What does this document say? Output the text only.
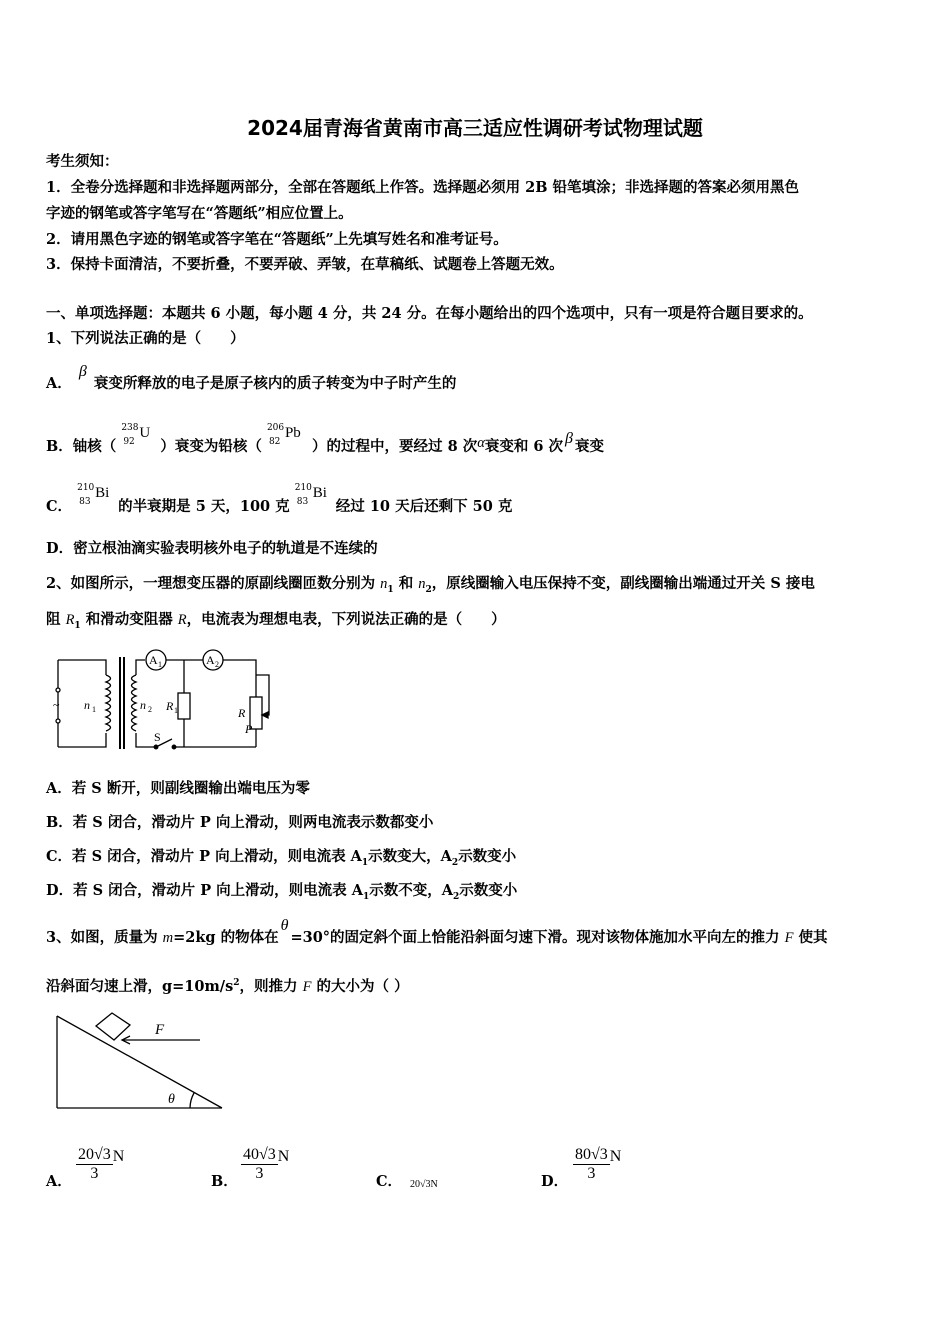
2024届青海省黄南市高三适应性调研考试物理试题
考生须知：
1．全卷分选择题和非选择题两部分，全部在答题纸上作答。选择题必须用 2B 铅笔填涂；非选择题的答案必须用黑色
字迹的钢笔或答字笔写在“答题纸”相应位置上。
2．请用黑色字迹的钢笔或答字笔在“答题纸”上先填写姓名和准考证号。
3．保持卡面清洁，不要折叠，不要弄破、弄皱，在草稿纸、试题卷上答题无效。
一、单项选择题：本题共 6 小题，每小题 4 分，共 24 分。在每小题给出的四个选项中，只有一项是符合题目要求的。
1、下列说法正确的是（　　）
A． β 衰变所释放的电子是原子核内的质子转变为中子时产生的
B．铀核（
238
92
U
）衰变为铅核（
206
82
Pb
）的过程中，要经过 8 次α衰变和 6 次 β 衰变
C．
210
83
Bi
的半衰期是 5 天，100 克
210
83
Bi
经过 10 天后还剩下 50 克
D．密立根油滴实验表明核外电子的轨道是不连续的
2、如图所示，一理想变压器的原副线圈匝数分别为 $n_1$ 和 $n_2$，原线圈输入电压保持不变，副线圈输出端通过开关 S 接电
阻 $R_1$ 和滑动变阻器 R，电流表为理想电表，下列说法正确的是（　　）
~ n 1	n 2
A 1	A 2
R 1	R
P
S
A．若 S 断开，则副线圈输出端电压为零
B．若 S 闭合，滑动片 P 向上滑动，则两电流表示数都变小
C．若 S 闭合，滑动片 P 向上滑动，则电流表 $A_1$示数变大，$A_2$示数变小
D．若 S 闭合，滑动片 P 向上滑动，则电流表 $A_1$示数不变，$A_2$示数变小
3、如图，质量为 m=2kg 的物体在θ=30°的固定斜个面上恰能沿斜面匀速下滑。现对该物体施加水平向左的推力 F 使其
沿斜面匀速上滑，$g=10m/s^2$，则推力 F 的大小为（ ）
F
θ
A． $\frac{20√3}{3}$ N
B． $\frac{40√3}{3}$ N
C． 20√3N	D． $\frac{80√3}{3}$ N
